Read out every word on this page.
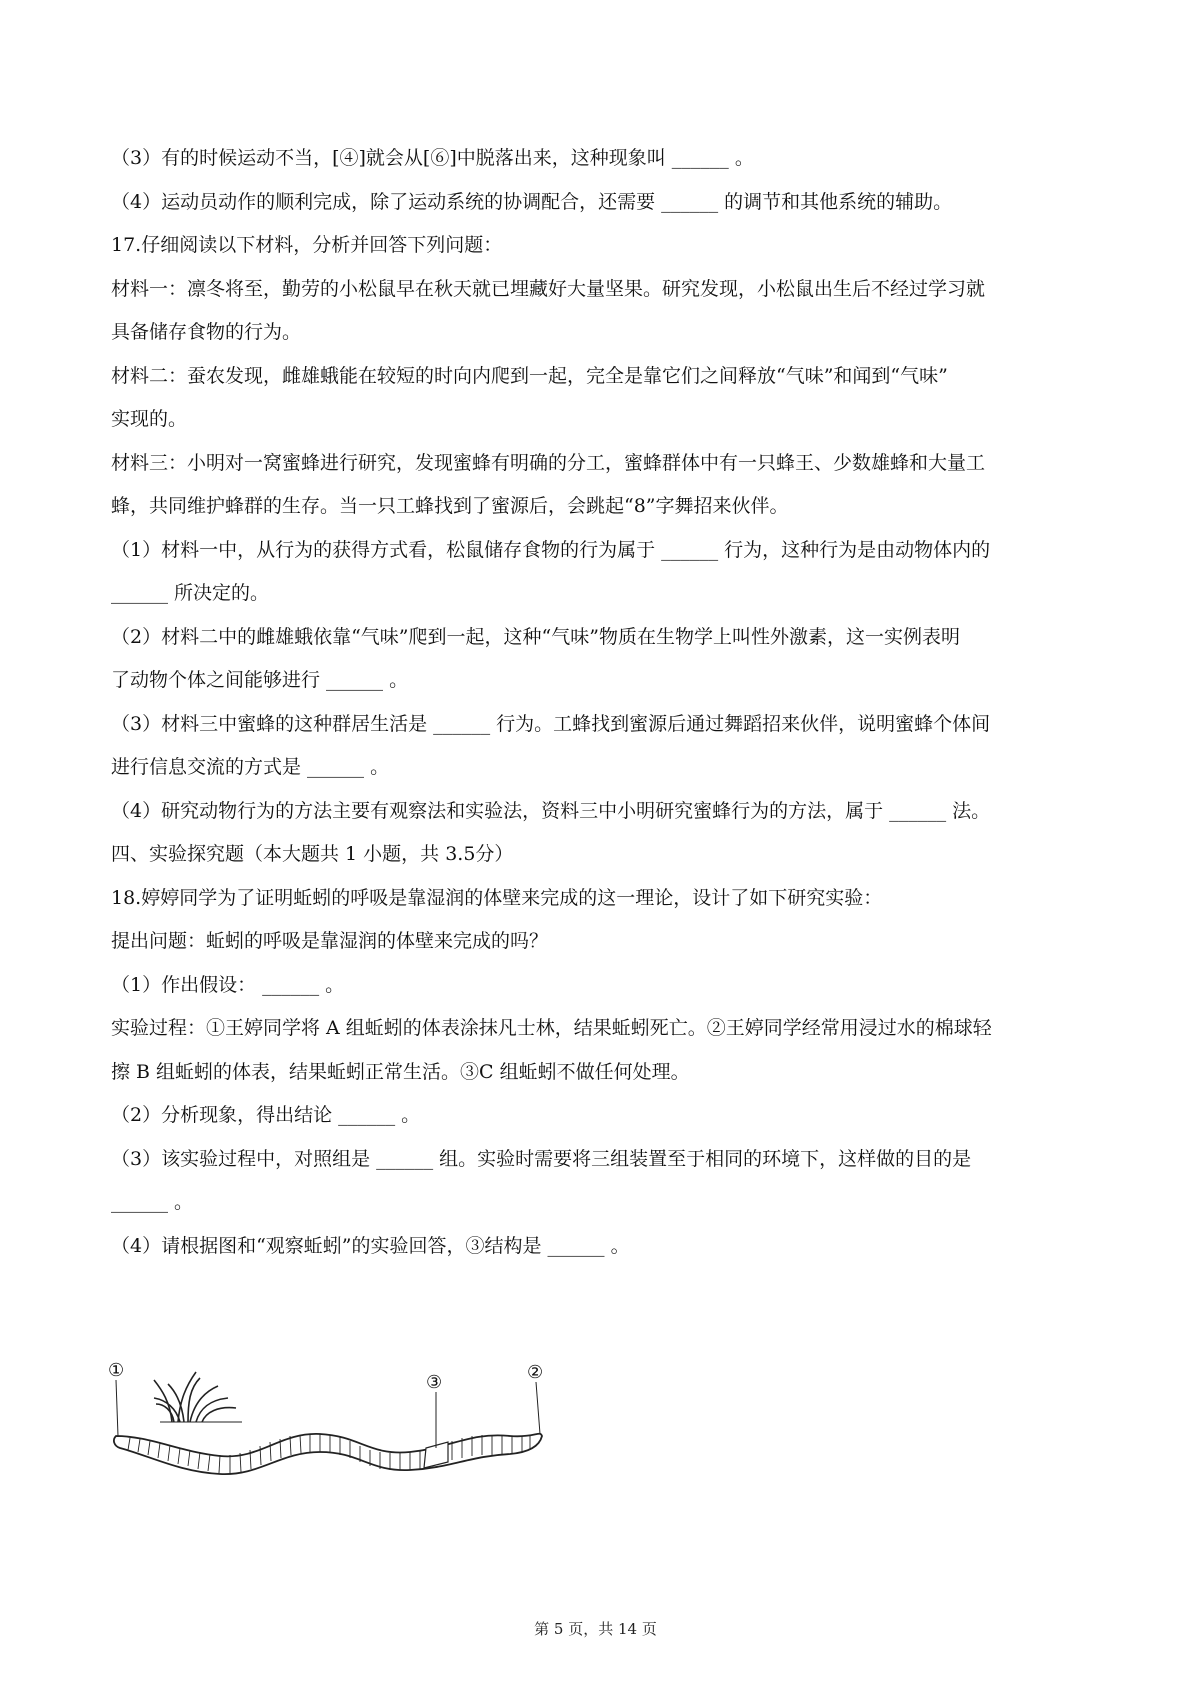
（3）有的时候运动不当，[④]就会从[⑥]中脱落出来，这种现象叫 ______ 。
（4）运动员动作的顺利完成，除了运动系统的协调配合，还需要 ______ 的调节和其他系统的辅助。
17.仔细阅读以下材料，分析并回答下列问题：
材料一：凛冬将至，勤劳的小松鼠早在秋天就已埋藏好大量坚果。研究发现，小松鼠出生后不经过学习就
具备储存食物的行为。
材料二：蚕农发现，雌雄蛾能在较短的时向内爬到一起，完全是靠它们之间释放“气味”和闻到“气味”
实现的。
材料三：小明对一窝蜜蜂进行研究，发现蜜蜂有明确的分工，蜜蜂群体中有一只蜂王、少数雄蜂和大量工
蜂，共同维护蜂群的生存。当一只工蜂找到了蜜源后，会跳起“8”字舞招来伙伴。
（1）材料一中，从行为的获得方式看，松鼠储存食物的行为属于 ______ 行为，这种行为是由动物体内的
______ 所决定的。
（2）材料二中的雌雄蛾依靠“气味”爬到一起，这种“气味”物质在生物学上叫性外激素，这一实例表明
了动物个体之间能够进行 ______ 。
（3）材料三中蜜蜂的这种群居生活是 ______ 行为。工蜂找到蜜源后通过舞蹈招来伙伴，说明蜜蜂个体间
进行信息交流的方式是 ______ 。
（4）研究动物行为的方法主要有观察法和实验法，资料三中小明研究蜜蜂行为的方法，属于 ______ 法。
四、实验探究题（本大题共 1 小题，共 3.5分）
18.婷婷同学为了证明蚯蚓的呼吸是靠湿润的体壁来完成的这一理论，设计了如下研究实验：
提出问题：蚯蚓的呼吸是靠湿润的体壁来完成的吗？
（1）作出假设： ______ 。
实验过程：①王婷同学将 A 组蚯蚓的体表涂抹凡士林，结果蚯蚓死亡。②王婷同学经常用浸过水的棉球轻
擦 B 组蚯蚓的体表，结果蚯蚓正常生活。③C 组蚯蚓不做任何处理。
（2）分析现象，得出结论 ______ 。
（3）该实验过程中，对照组是 ______ 组。实验时需要将三组装置至于相同的环境下，这样做的目的是
______ 。
（4）请根据图和“观察蚯蚓”的实验回答，③结构是 ______ 。
①	②
③
第 5 页，共 14 页
